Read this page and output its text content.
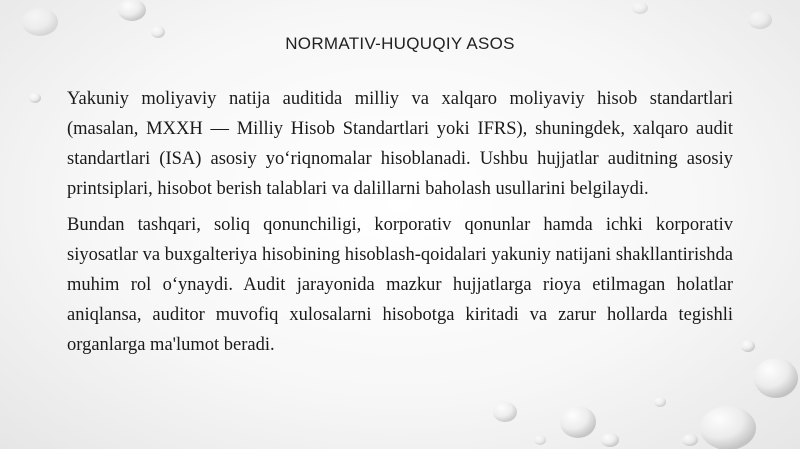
NORMATIV-HUQUQIY ASOS

Yakuniy moliyaviy natija auditida milliy va xalqaro moliyaviy hisob standartlari (masalan, MXXH — Milliy Hisob Standartlari yoki IFRS), shuningdek, xalqaro audit standartlari (ISA) asosiy yo‘riqnomalar hisoblanadi. Ushbu hujjatlar auditning asosiy printsiplari, hisobot berish talablari va dalillarni baholash usullarini belgilaydi.

Bundan tashqari, soliq qonunchiligi, korporativ qonunlar hamda ichki korporativ siyosatlar va buxgalteriya hisobining hisoblash-qoidalari yakuniy natijani shakllantirishda muhim rol o‘ynaydi. Audit jarayonida mazkur hujjatlarga rioya etilmagan holatlar aniqlansa, auditor muvofiq xulosalarni hisobotga kiritadi va zarur hollarda tegishli organlarga ma'lumot beradi.
